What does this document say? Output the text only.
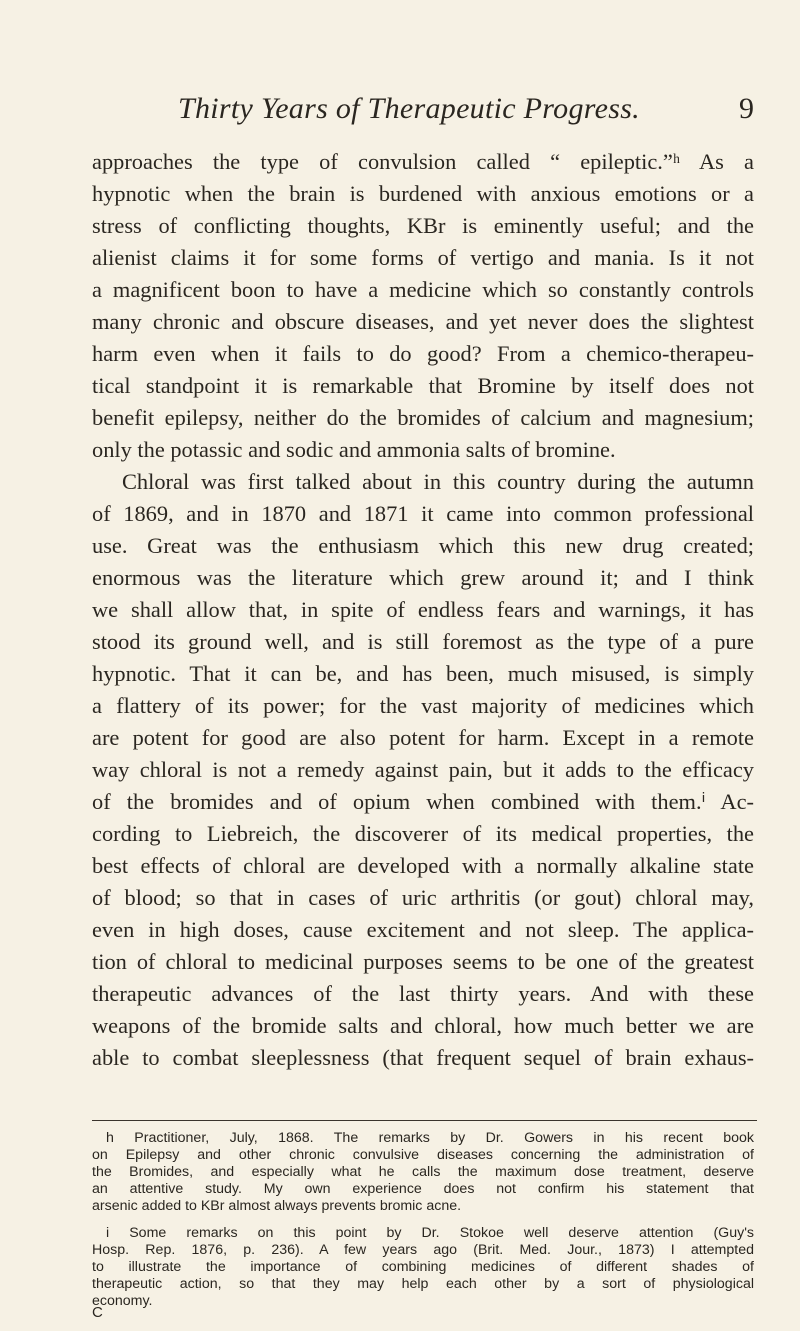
Thirty Years of Therapeutic Progress.	9
approaches the type of convulsion called “ epileptic.”ʰ As a
hypnotic when the brain is burdened with anxious emotions or a
stress of conflicting thoughts, KBr is eminently useful; and the
alienist claims it for some forms of vertigo and mania. Is it not
a magnificent boon to have a medicine which so constantly controls
many chronic and obscure diseases, and yet never does the slightest
harm even when it fails to do good? From a chemico-therapeu-
tical standpoint it is remarkable that Bromine by itself does not
benefit epilepsy, neither do the bromides of calcium and magnesium;
only the potassic and sodic and ammonia salts of bromine.
Chloral was first talked about in this country during the autumn
of 1869, and in 1870 and 1871 it came into common professional
use. Great was the enthusiasm which this new drug created;
enormous was the literature which grew around it; and I think
we shall allow that, in spite of endless fears and warnings, it has
stood its ground well, and is still foremost as the type of a pure
hypnotic. That it can be, and has been, much misused, is simply
a flattery of its power; for the vast majority of medicines which
are potent for good are also potent for harm. Except in a remote
way chloral is not a remedy against pain, but it adds to the efficacy
of the bromides and of opium when combined with them.ⁱ Ac-
cording to Liebreich, the discoverer of its medical properties, the
best effects of chloral are developed with a normally alkaline state
of blood; so that in cases of uric arthritis (or gout) chloral may,
even in high doses, cause excitement and not sleep. The applica-
tion of chloral to medicinal purposes seems to be one of the greatest
therapeutic advances of the last thirty years. And with these
weapons of the bromide salts and chloral, how much better we are
able to combat sleeplessness (that frequent sequel of brain exhaus-
h Practitioner, July, 1868. The remarks by Dr. Gowers in his recent book
on Epilepsy and other chronic convulsive diseases concerning the administration of
the Bromides, and especially what he calls the maximum dose treatment, deserve
an attentive study. My own experience does not confirm his statement that
arsenic added to KBr almost always prevents bromic acne.
i Some remarks on this point by Dr. Stokoe well deserve attention (Guy's
Hosp. Rep. 1876, p. 236). A few years ago (Brit. Med. Jour., 1873) I attempted
to illustrate the importance of combining medicines of different shades of
therapeutic action, so that they may help each other by a sort of physiological
economy.
C
